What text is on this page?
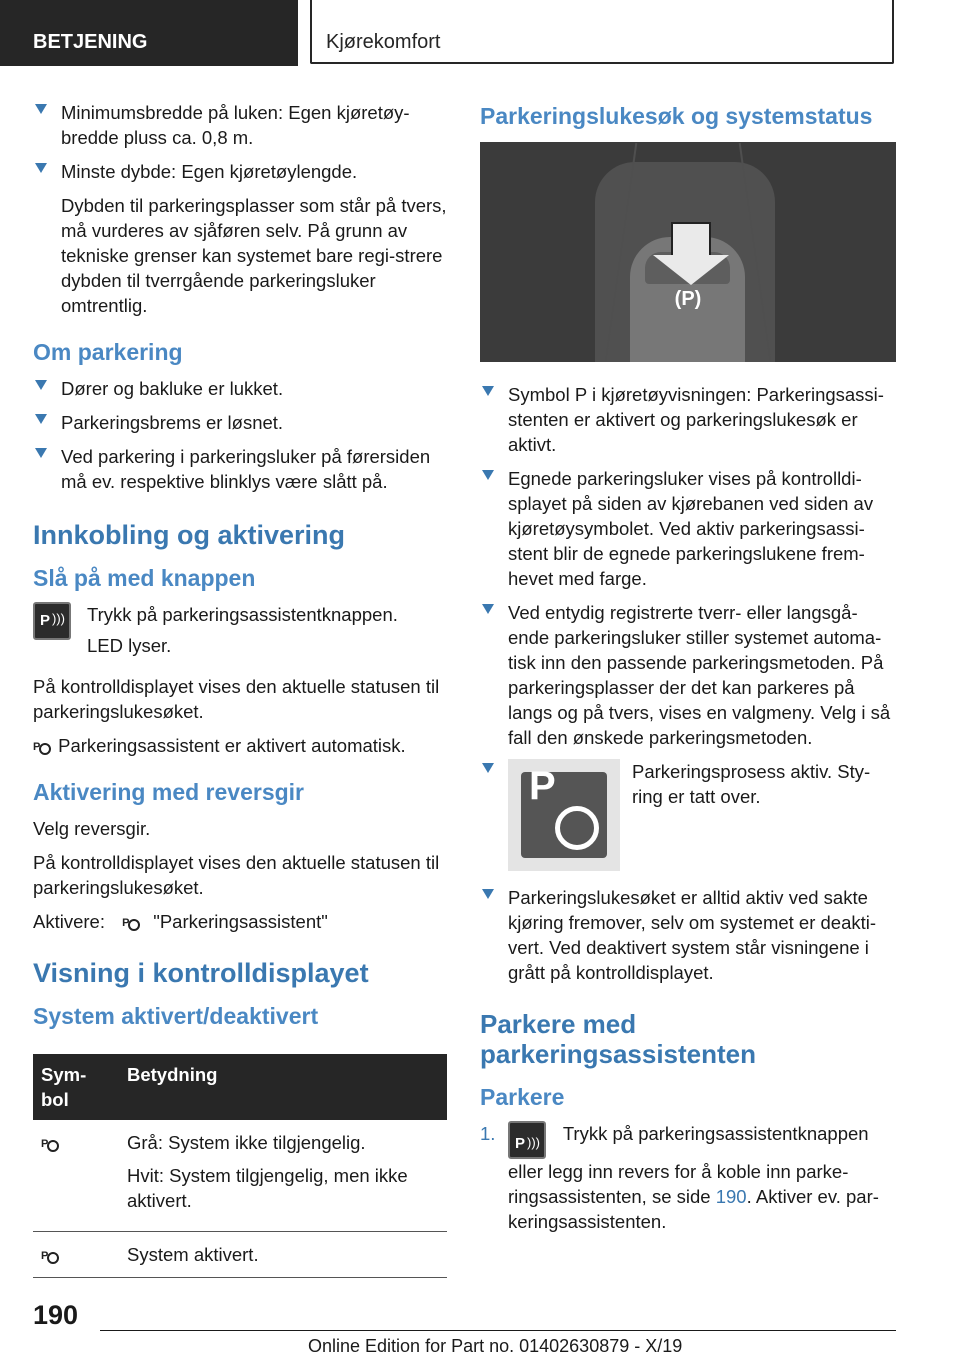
BETJENING	Kjørekomfort
Minimumsbredde på luken: Egen kjøretøy-bredde pluss ca. 0,8 m.
Minste dybde: Egen kjøretøylengde.

Dybden til parkeringsplasser som står på tvers, må vurderes av sjåføren selv. På grunn av tekniske grenser kan systemet bare regi-strere dybden til tverrgående parkeringsluker omtrentlig.

Om parkering
Dører og bakluke er lukket.
Parkeringsbrems er løsnet.
Ved parkering i parkeringsluker på førersiden må ev. respektive blinklys være slått på.
Innkobling og aktivering
Slå på med knappen
P ))) Trykk på parkeringsassistentknappen.
LED lyser.

På kontrolldisplayet vises den aktuelle statusen til parkeringslukesøket.

P Parkeringsassistent er aktivert automatisk.

Aktivering med reversgir

Velg reversgir.

På kontrolldisplayet vises den aktuelle statusen til parkeringslukesøket.

Aktivere: P "Parkeringsassistent"

Visning i kontrolldisplayet
System aktivert/deaktivert
Sym-bol	Betydning

P	Grå: System ikke tilgjengelig.

Hvit: System tilgjengelig, men ikke aktivert.

P	System aktivert.
Parkeringslukesøk og systemstatus
(P)
Symbol P i kjøretøyvisningen: Parkeringsassi-stenten er aktivert og parkeringslukesøk er aktivt.
Egnede parkeringsluker vises på kontrolldi-splayet på siden av kjørebanen ved siden av kjøretøysymbolet. Ved aktiv parkeringsassi-stent blir de egnede parkeringslukene frem-hevet med farge.
Ved entydig registrerte tverr- eller langsgå-ende parkeringsluker stiller systemet automa-tisk inn den passende parkeringsmetoden. På parkeringsplasser der det kan parkeres på langs og på tvers, vises en valgmeny. Velg i så fall den ønskede parkeringsmetoden.
P	Parkeringsprosess aktiv. Sty-ring er tatt over.
Parkeringslukesøket er alltid aktiv ved sakte kjøring fremover, selv om systemet er deakti-vert. Ved deaktivert system står visningene i grått på kontrolldisplayet.
Parkere med parkeringsassistenten
Parkere
1. P ))) Trykk på parkeringsassistentknappen eller legg inn revers for å koble inn parke-ringsassistenten, se side 190. Aktiver ev. par-keringsassistenten.
190
Online Edition for Part no. 01402630879 - X/19
